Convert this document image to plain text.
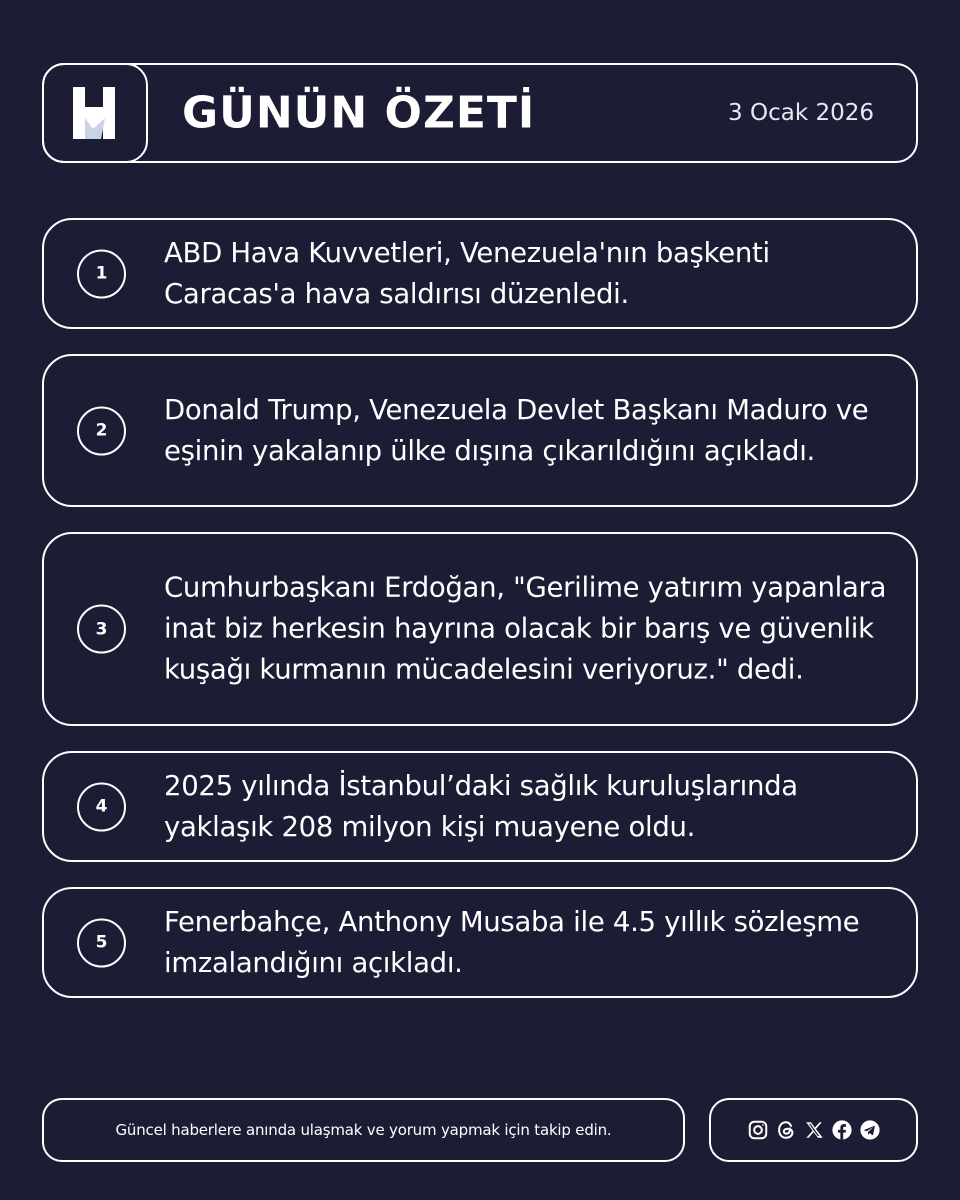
GÜNÜN ÖZETİ	3 Ocak 2026
1
ABD Hava Kuvvetleri, Venezuela'nın başkenti Caracas'a hava saldırısı düzenledi.
2
Donald Trump, Venezuela Devlet Başkanı Maduro ve eşinin yakalanıp ülke dışına çıkarıldığını açıkladı.
3
Cumhurbaşkanı Erdoğan, "Gerilime yatırım yapanlara inat biz herkesin hayrına olacak bir barış ve güvenlik kuşağı kurmanın mücadelesini veriyoruz." dedi.
4
2025 yılında İstanbul’daki sağlık kuruluşlarında yaklaşık 208 milyon kişi muayene oldu.
5
Fenerbahçe, Anthony Musaba ile 4.5 yıllık sözleşme imzalandığını açıkladı.
Güncel haberlere anında ulaşmak ve yorum yapmak için takip edin.
